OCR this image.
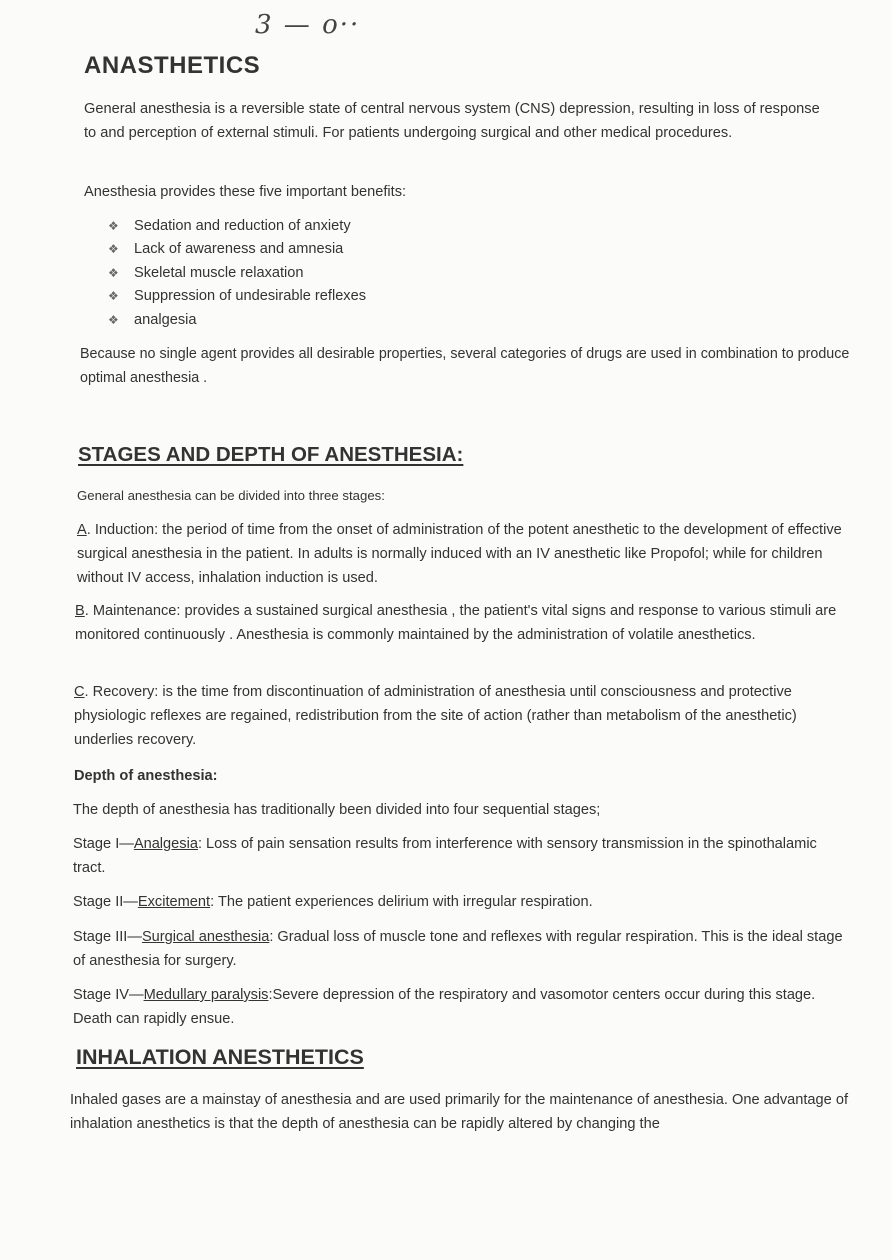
3 — o··
ANASTHETICS
General anesthesia is a reversible state of central nervous system (CNS) depression, resulting in loss of response to and perception of external stimuli. For patients undergoing surgical and other medical procedures.
Anesthesia provides these five important benefits:
❖ Sedation and reduction of anxiety
❖ Lack of awareness and amnesia
❖ Skeletal muscle relaxation
❖ Suppression of undesirable reflexes
❖ analgesia
Because no single agent provides all desirable properties, several categories of drugs are used in combination to produce optimal anesthesia .
STAGES AND DEPTH OF ANESTHESIA:
General anesthesia can be divided into three stages:
A. Induction: the period of time from the onset of administration of the potent anesthetic to the development of effective surgical anesthesia in the patient. In adults is normally induced with an IV anesthetic like Propofol; while for children without IV access, inhalation induction is used.
B. Maintenance: provides a sustained surgical anesthesia , the patient's vital signs and response to various stimuli are monitored continuously . Anesthesia is commonly maintained by the administration of volatile anesthetics.
C. Recovery: is the time from discontinuation of administration of anesthesia until consciousness and protective physiologic reflexes are regained, redistribution from the site of action (rather than metabolism of the anesthetic) underlies recovery.
Depth of anesthesia:
The depth of anesthesia has traditionally been divided into four sequential stages;
Stage I—Analgesia: Loss of pain sensation results from interference with sensory transmission in the spinothalamic tract.
Stage II—Excitement: The patient experiences delirium with irregular respiration.
Stage III—Surgical anesthesia: Gradual loss of muscle tone and reflexes with regular respiration. This is the ideal stage of anesthesia for surgery.
Stage IV—Medullary paralysis:Severe depression of the respiratory and vasomotor centers occur during this stage. Death can rapidly ensue.
INHALATION ANESTHETICS
Inhaled gases are a mainstay of anesthesia and are used primarily for the maintenance of anesthesia. One advantage of inhalation anesthetics is that the depth of anesthesia can be rapidly altered by changing the
